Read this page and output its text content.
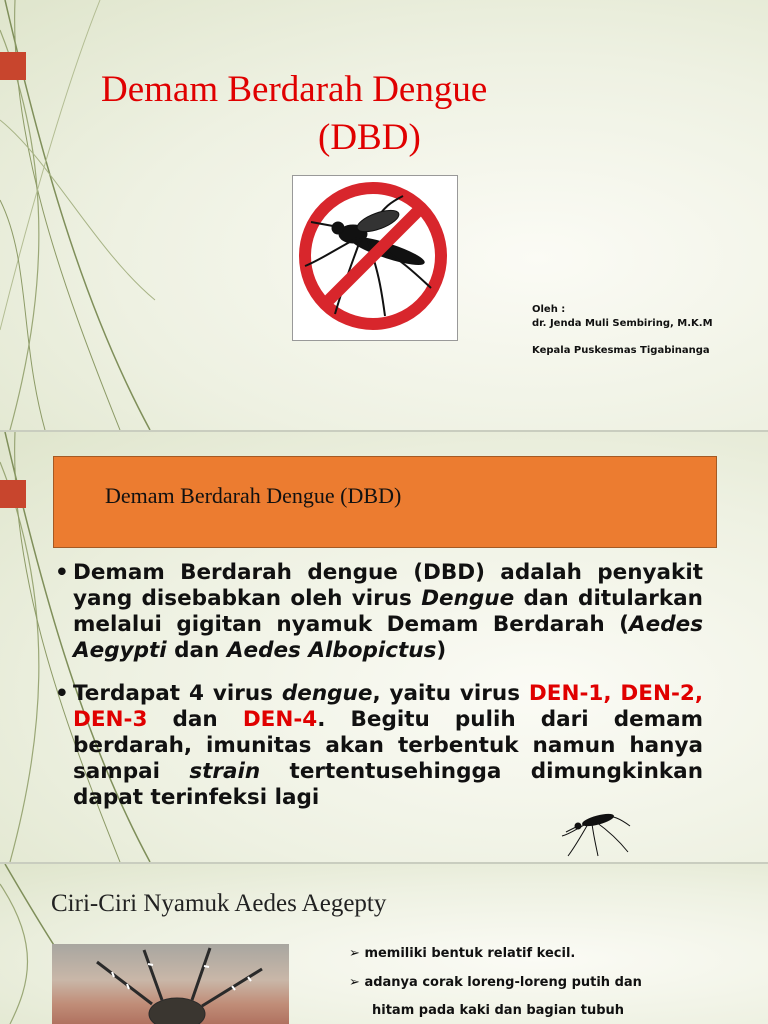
Demam Berdarah Dengue
(DBD)
Oleh :
dr. Jenda Muli Sembiring, M.K.M
Kepala Puskesmas Tigabinanga
Demam Berdarah Dengue (DBD)
• Demam Berdarah dengue (DBD) adalah penyakit yang disebabkan oleh virus Dengue dan ditularkan melalui gigitan nyamuk Demam Berdarah (Aedes Aegypti dan Aedes Albopictus)
• Terdapat 4 virus dengue, yaitu virus DEN-1, DEN-2, DEN-3 dan DEN-4. Begitu pulih dari demam berdarah, imunitas akan terbentuk namun hanya sampai strain tertentusehingga dimungkinkan dapat terinfeksi lagi
Ciri-Ciri Nyamuk Aedes Aegepty
➢ memiliki bentuk relatif kecil.
➢ adanya corak loreng-loreng putih dan
hitam pada kaki dan bagian tubuh
